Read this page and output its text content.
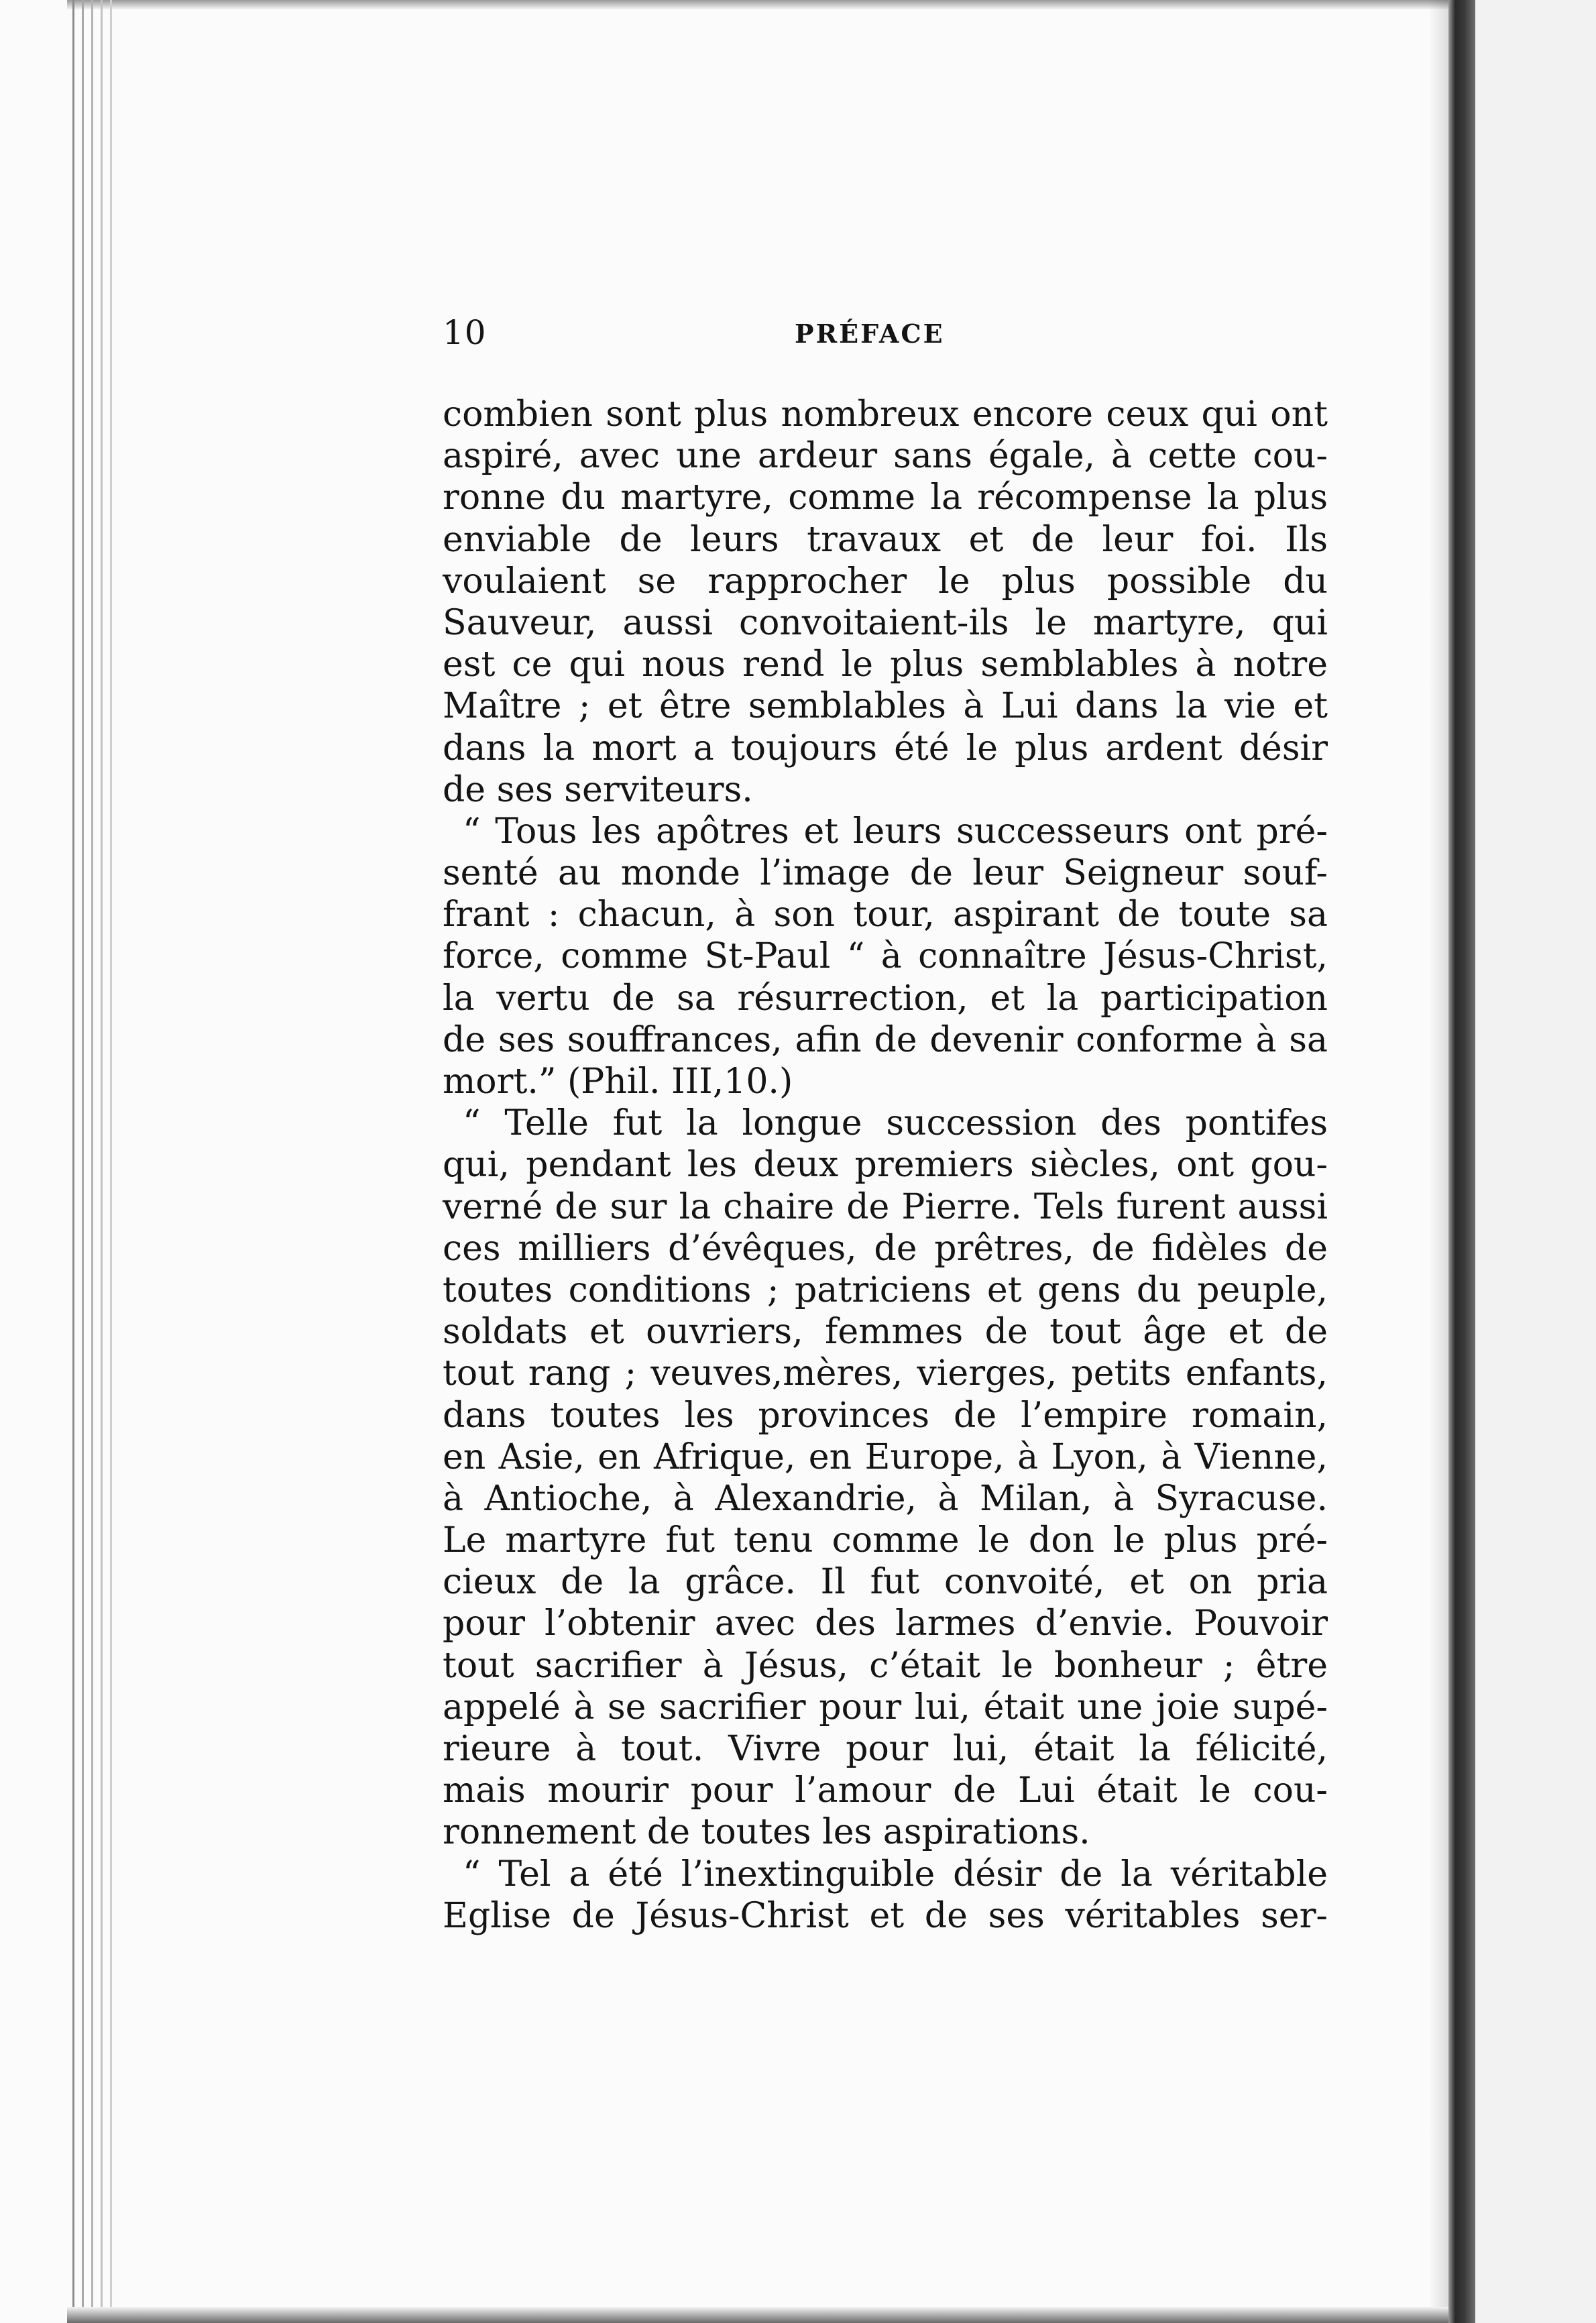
10	PRÉFACE
combien sont plus nombreux encore ceux qui ont
aspiré, avec une ardeur sans égale, à cette cou-
ronne du martyre, comme la récompense la plus
enviable de leurs travaux et de leur foi. Ils
voulaient se rapprocher le plus possible du
Sauveur, aussi convoitaient-ils le martyre, qui
est ce qui nous rend le plus semblables à notre
Maître ; et être semblables à Lui dans la vie et
dans la mort a toujours été le plus ardent désir
de ses serviteurs.
“ Tous les apôtres et leurs successeurs ont pré-
senté au monde l’image de leur Seigneur souf-
frant : chacun, à son tour, aspirant de toute sa
force, comme St-Paul “ à connaître Jésus-Christ,
la vertu de sa résurrection, et la participation
de ses souffrances, afin de devenir conforme à sa
mort.” (Phil. III,10.)
“ Telle fut la longue succession des pontifes
qui, pendant les deux premiers siècles, ont gou-
verné de sur la chaire de Pierre. Tels furent aussi
ces milliers d’évêques, de prêtres, de fidèles de
toutes conditions ; patriciens et gens du peuple,
soldats et ouvriers, femmes de tout âge et de
tout rang ; veuves,mères, vierges, petits enfants,
dans toutes les provinces de l’empire romain,
en Asie, en Afrique, en Europe, à Lyon, à Vienne,
à Antioche, à Alexandrie, à Milan, à Syracuse.
Le martyre fut tenu comme le don le plus pré-
cieux de la grâce. Il fut convoité, et on pria
pour l’obtenir avec des larmes d’envie. Pouvoir
tout sacrifier à Jésus, c’était le bonheur ; être
appelé à se sacrifier pour lui, était une joie supé-
rieure à tout. Vivre pour lui, était la félicité,
mais mourir pour l’amour de Lui était le cou-
ronnement de toutes les aspirations.
“ Tel a été l’inextinguible désir de la véritable
Eglise de Jésus-Christ et de ses véritables ser-
